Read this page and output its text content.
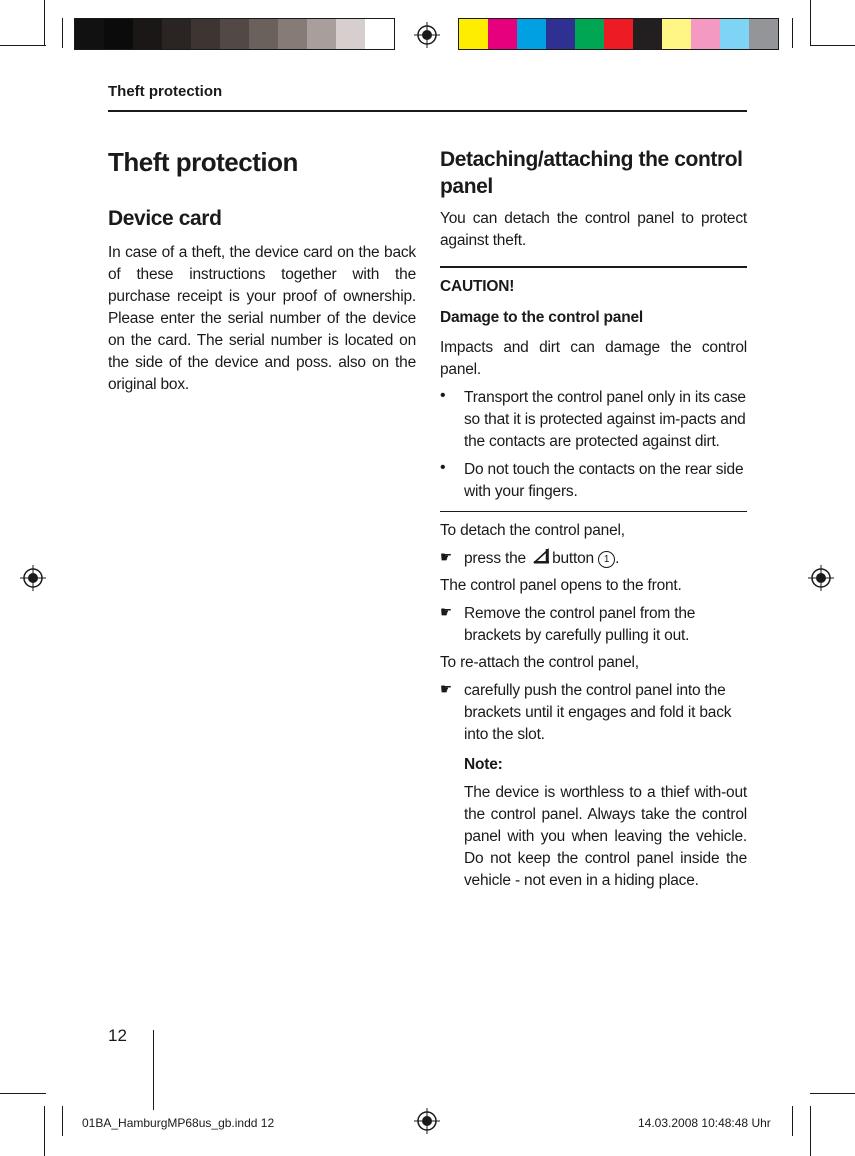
Theft protection
Theft protection
Device card

In case of a theft, the device card on the back of these instructions together with the purchase receipt is your proof of ownership. Please enter the serial number of the device on the card. The serial number is located on the side of the device and poss. also on the original box.

Detaching/attaching the control panel

You can detach the control panel to protect against theft.

CAUTION!

Damage to the control panel

Impacts and dirt can damage the control panel.

•	Transport the control panel only in its case so that it is protected against im-pacts and the contacts are protected against dirt.
•	Do not touch the contacts on the rear side with your fingers.

To detach the control panel,

☛ press the button 1 .

The control panel opens to the front.

☛ Remove the control panel from the brackets by carefully pulling it out.

To re-attach the control panel,

☛ carefully push the control panel into the brackets until it engages and fold it back into the slot.

Note:

The device is worthless to a thief with-out the control panel. Always take the control panel with you when leaving the vehicle. Do not keep the control panel inside the vehicle - not even in a hiding place.

12
01BA_HamburgMP68us_gb.indd 12	14.03.2008 10:48:48 Uhr
